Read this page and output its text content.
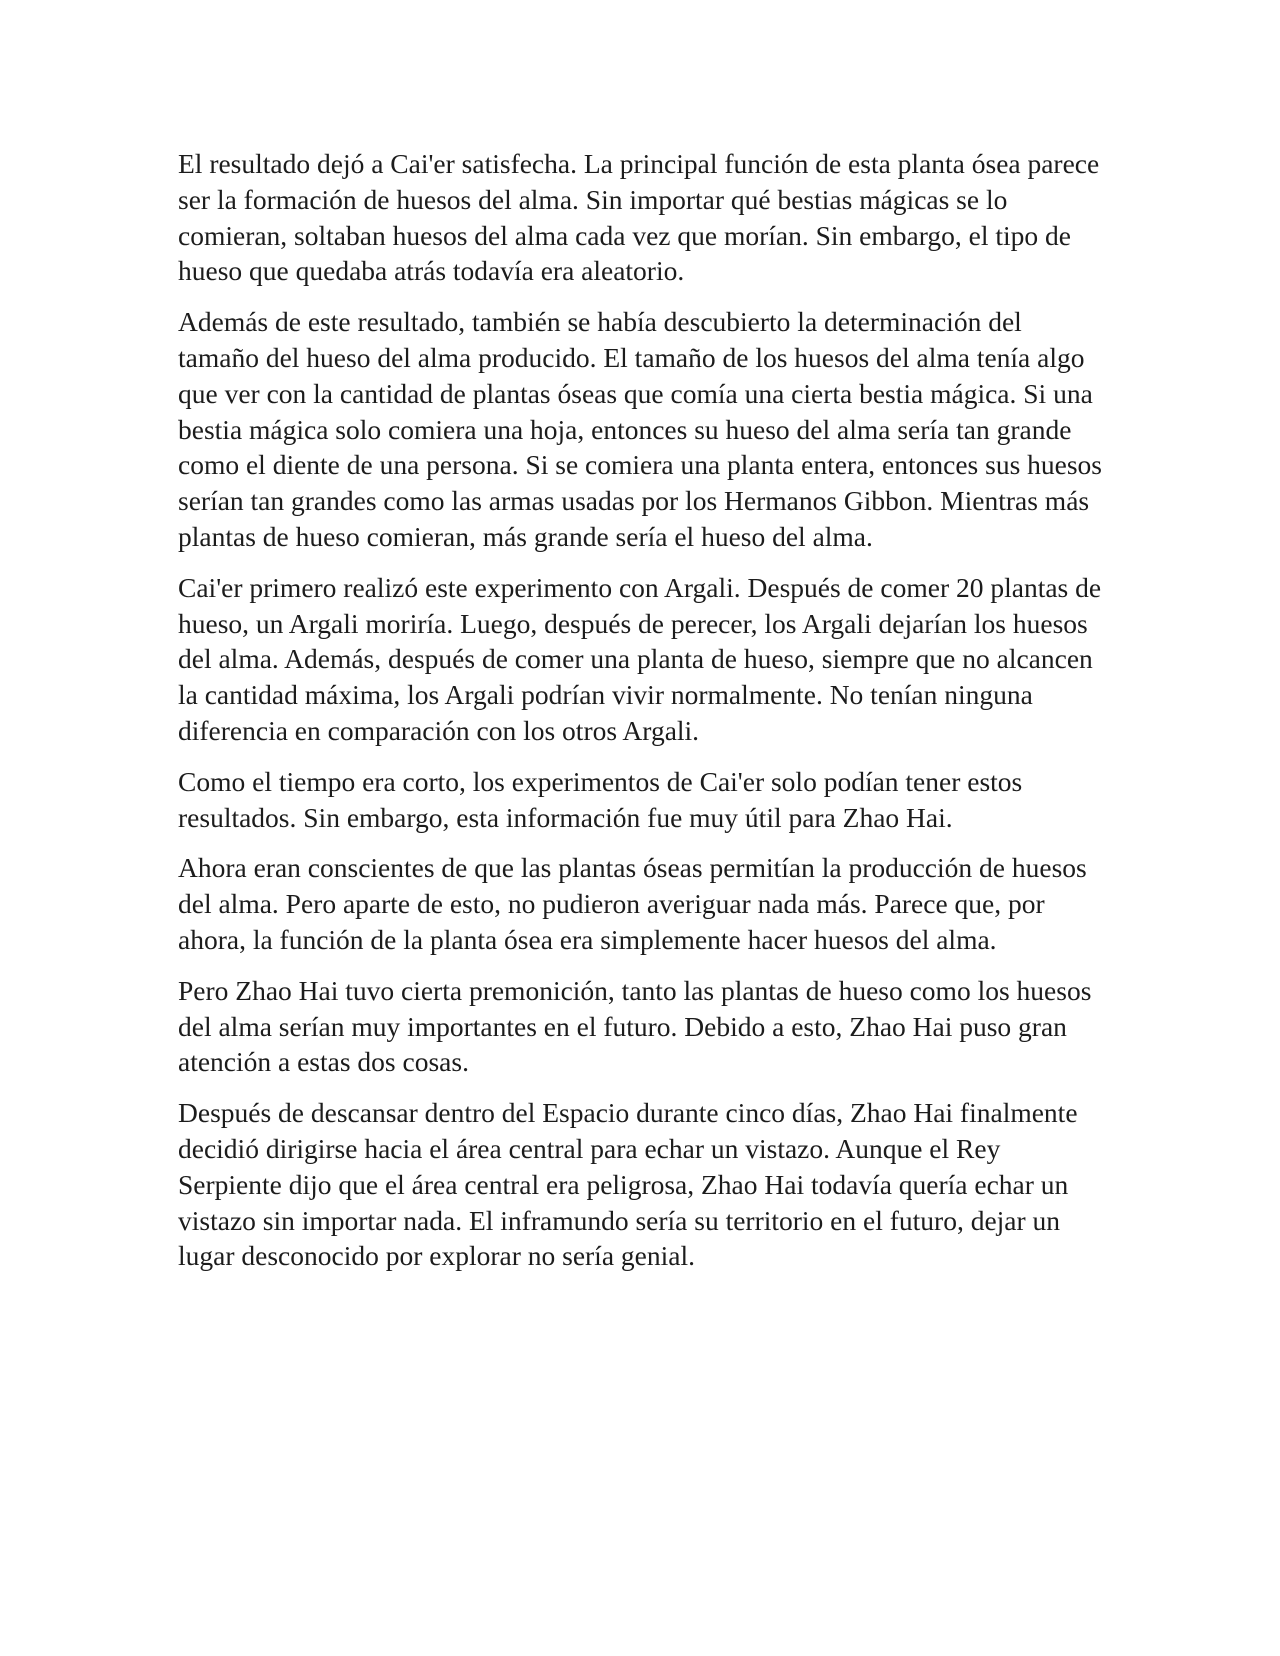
El resultado dejó a Cai'er satisfecha. La principal función de esta planta ósea parece ser la formación de huesos del alma. Sin importar qué bestias mágicas se lo comieran, soltaban huesos del alma cada vez que morían. Sin embargo, el tipo de hueso que quedaba atrás todavía era aleatorio.

Además de este resultado, también se había descubierto la determinación del tamaño del hueso del alma producido. El tamaño de los huesos del alma tenía algo que ver con la cantidad de plantas óseas que comía una cierta bestia mágica. Si una bestia mágica solo comiera una hoja, entonces su hueso del alma sería tan grande como el diente de una persona. Si se comiera una planta entera, entonces sus huesos serían tan grandes como las armas usadas por los Hermanos Gibbon. Mientras más plantas de hueso comieran, más grande sería el hueso del alma.

Cai'er primero realizó este experimento con Argali. Después de comer 20 plantas de hueso, un Argali moriría. Luego, después de perecer, los Argali dejarían los huesos del alma. Además, después de comer una planta de hueso, siempre que no alcancen la cantidad máxima, los Argali podrían vivir normalmente. No tenían ninguna diferencia en comparación con los otros Argali.

Como el tiempo era corto, los experimentos de Cai'er solo podían tener estos resultados. Sin embargo, esta información fue muy útil para Zhao Hai.

Ahora eran conscientes de que las plantas óseas permitían la producción de huesos del alma. Pero aparte de esto, no pudieron averiguar nada más. Parece que, por ahora, la función de la planta ósea era simplemente hacer huesos del alma.

Pero Zhao Hai tuvo cierta premonición, tanto las plantas de hueso como los huesos del alma serían muy importantes en el futuro. Debido a esto, Zhao Hai puso gran atención a estas dos cosas.

Después de descansar dentro del Espacio durante cinco días, Zhao Hai finalmente decidió dirigirse hacia el área central para echar un vistazo. Aunque el Rey Serpiente dijo que el área central era peligrosa, Zhao Hai todavía quería echar un vistazo sin importar nada. El inframundo sería su territorio en el futuro, dejar un lugar desconocido por explorar no sería genial.
